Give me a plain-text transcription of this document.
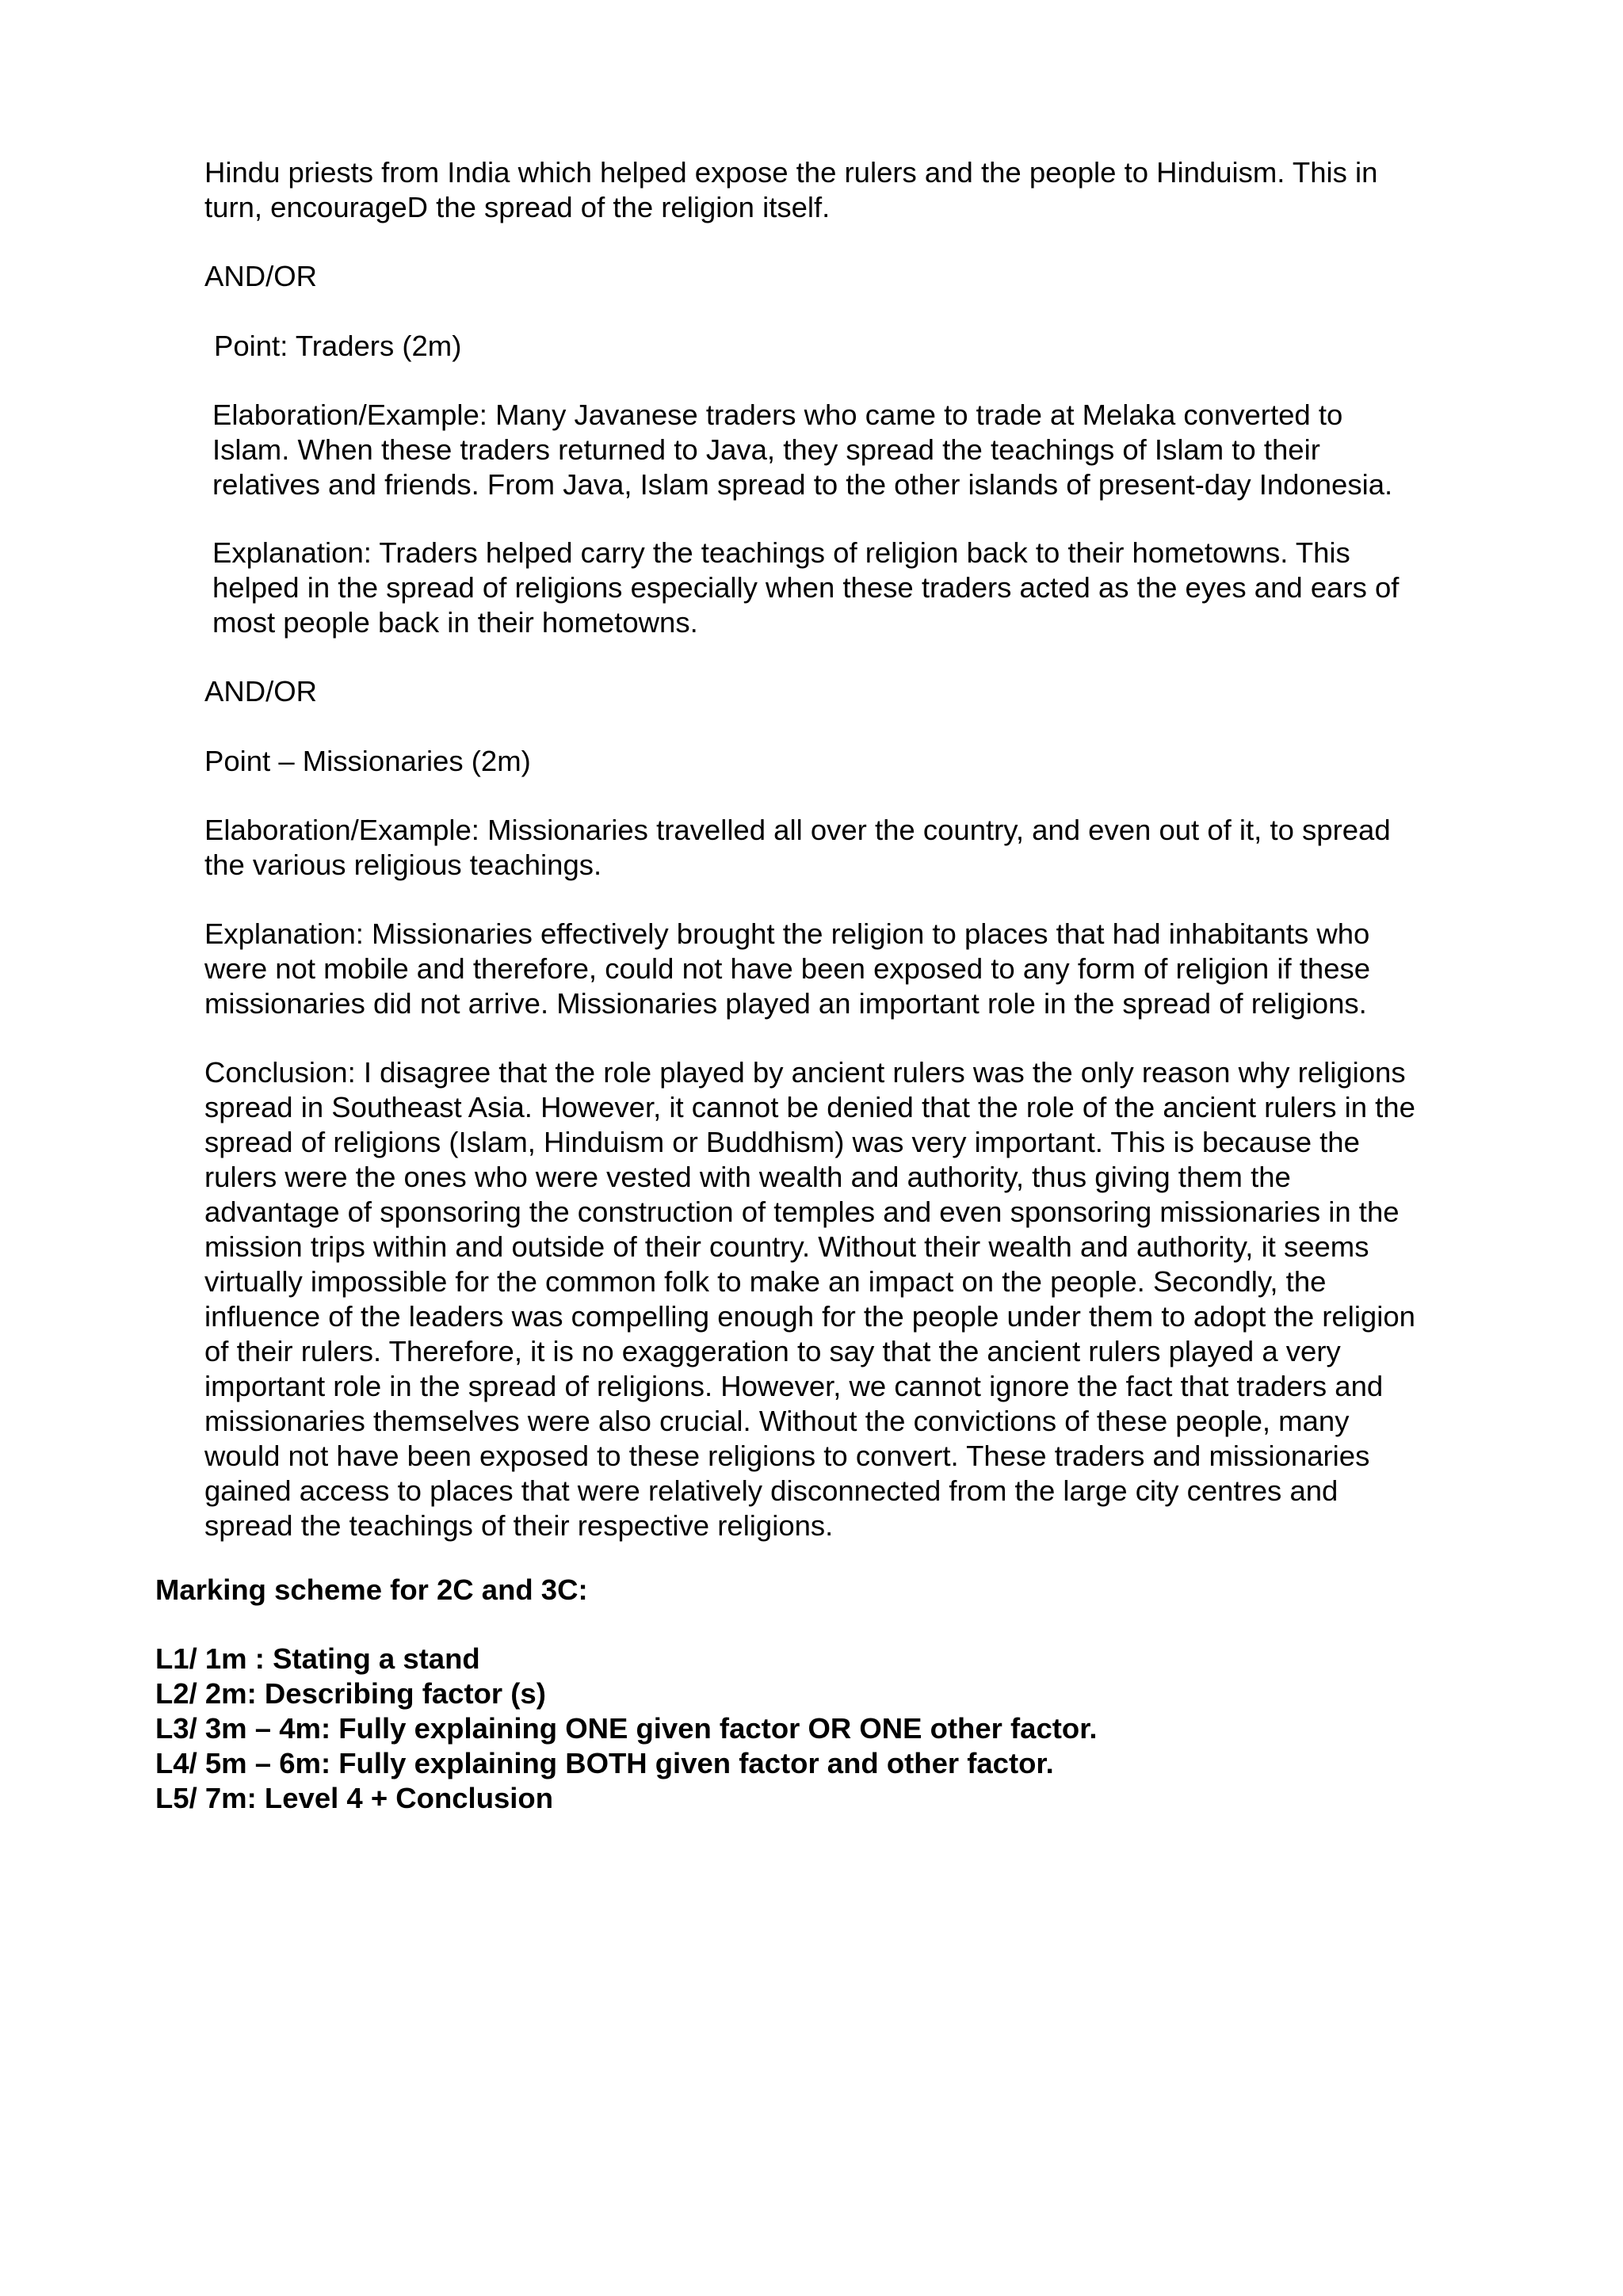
Hindu priests from India which helped expose the rulers and the people to Hinduism. This in
turn, encourageD the spread of the religion itself.
AND/OR
Point: Traders (2m)
Elaboration/Example: Many Javanese traders who came to trade at Melaka converted to
Islam. When these traders returned to Java, they spread the teachings of Islam to their
relatives and friends. From Java, Islam spread to the other islands of present-day Indonesia.
Explanation: Traders helped carry the teachings of religion back to their hometowns. This
helped in the spread of religions especially when these traders acted as the eyes and ears of
most people back in their hometowns.
AND/OR
Point – Missionaries (2m)
Elaboration/Example: Missionaries travelled all over the country, and even out of it, to spread
the various religious teachings.
Explanation: Missionaries effectively brought the religion to places that had inhabitants who
were not mobile and therefore, could not have been exposed to any form of religion if these
missionaries did not arrive. Missionaries played an important role in the spread of religions.
Conclusion: I disagree that the role played by ancient rulers was the only reason why religions
spread in Southeast Asia. However, it cannot be denied that the role of the ancient rulers in the
spread of religions (Islam, Hinduism or Buddhism) was very important. This is because the
rulers were the ones who were vested with wealth and authority, thus giving them the
advantage of sponsoring the construction of temples and even sponsoring missionaries in the
mission trips within and outside of their country. Without their wealth and authority, it seems
virtually impossible for the common folk to make an impact on the people. Secondly, the
influence of the leaders was compelling enough for the people under them to adopt the religion
of their rulers. Therefore, it is no exaggeration to say that the ancient rulers played a very
important role in the spread of religions. However, we cannot ignore the fact that traders and
missionaries themselves were also crucial. Without the convictions of these people, many
would not have been exposed to these religions to convert. These traders and missionaries
gained access to places that were relatively disconnected from the large city centres and
spread the teachings of their respective religions.
Marking scheme for 2C and 3C:
L1/ 1m : Stating a stand
L2/ 2m: Describing factor (s)
L3/ 3m – 4m: Fully explaining ONE given factor OR ONE other factor.
L4/ 5m – 6m: Fully explaining BOTH given factor and other factor.
L5/ 7m: Level 4 + Conclusion
